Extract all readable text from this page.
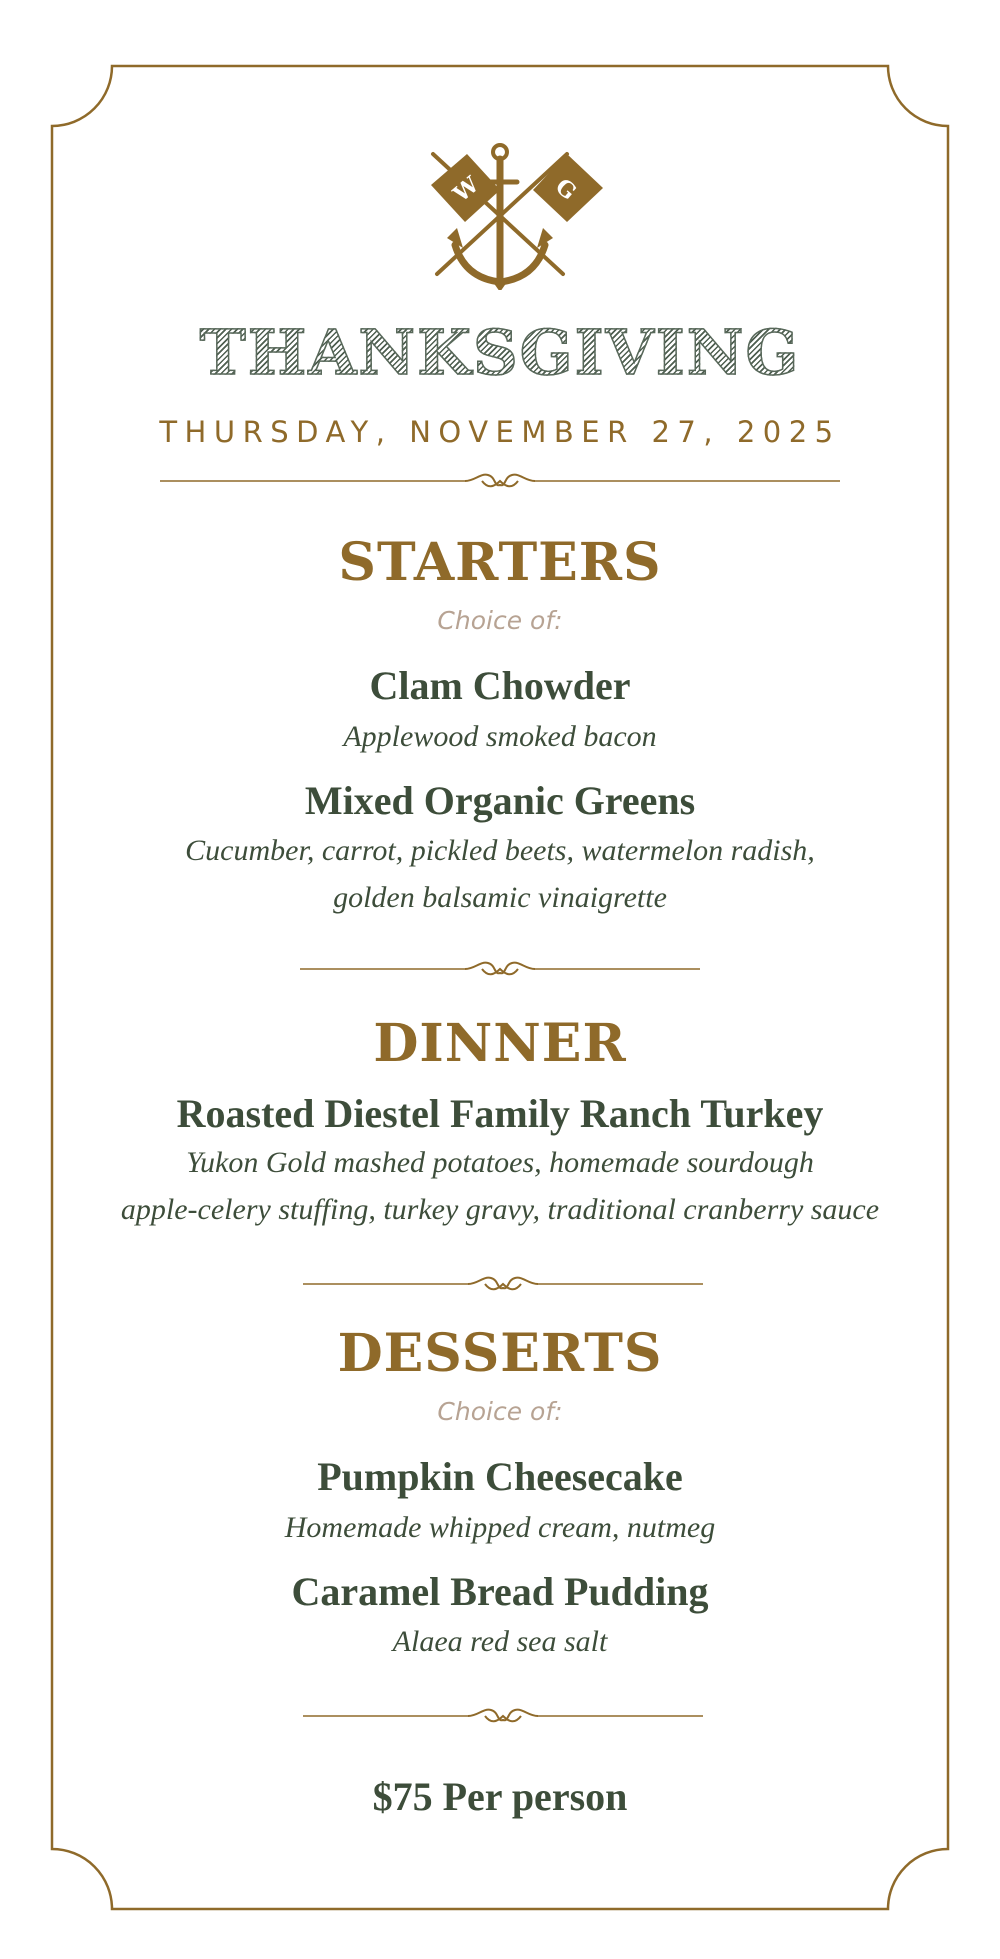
W	G
THANKSGIVING
THURSDAY, NOVEMBER 27, 2025
STARTERS
Choice of:
Clam Chowder
Applewood smoked bacon
Mixed Organic Greens
Cucumber, carrot, pickled beets, watermelon radish,
golden balsamic vinaigrette
DINNER
Roasted Diestel Family Ranch Turkey
Yukon Gold mashed potatoes, homemade sourdough
apple-celery stuffing, turkey gravy, traditional cranberry sauce
DESSERTS
Choice of:
Pumpkin Cheesecake
Homemade whipped cream, nutmeg
Caramel Bread Pudding
Alaea red sea salt
$75 Per person
